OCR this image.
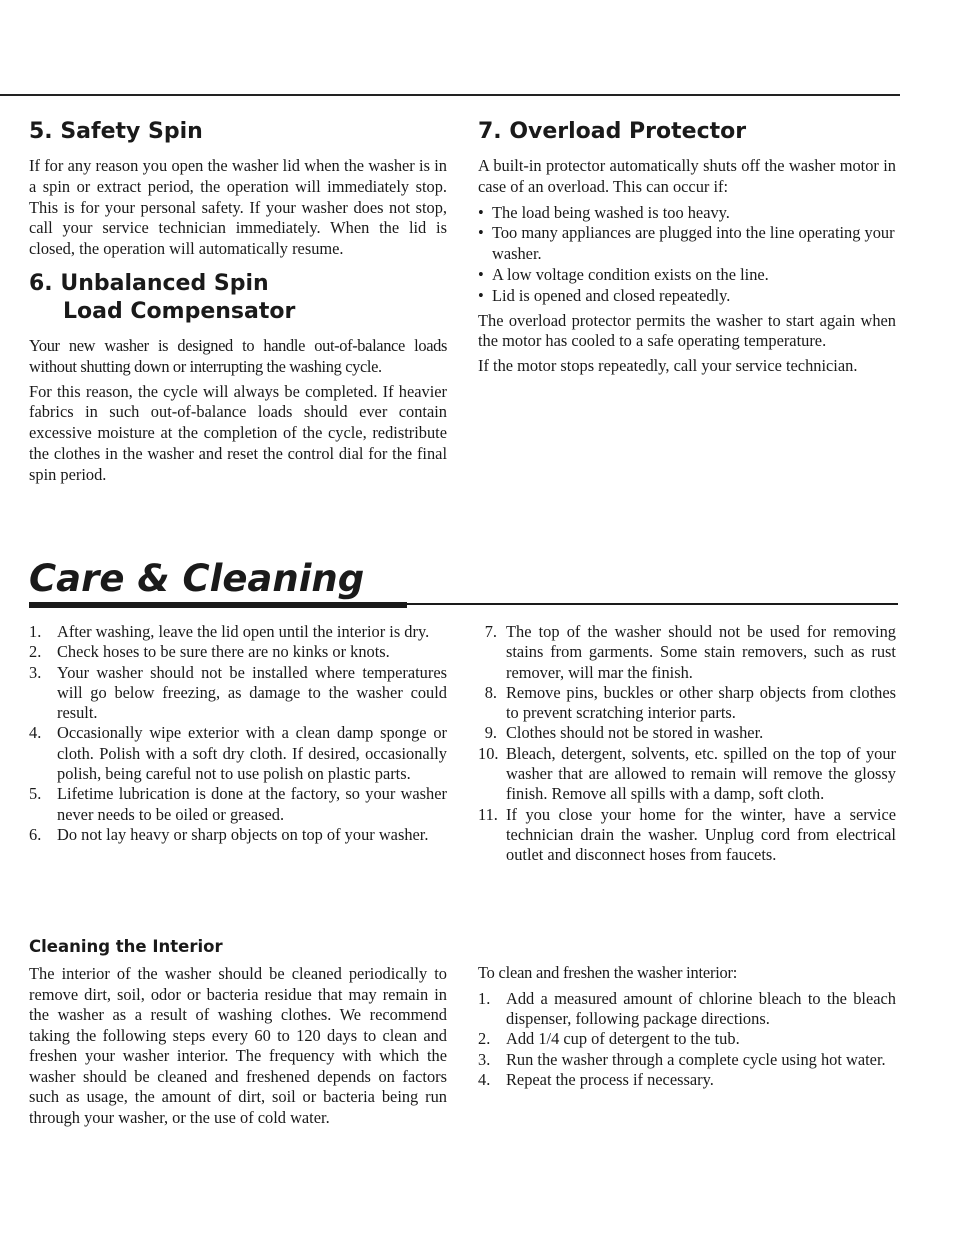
5. Safety Spin

If for any reason you open the washer lid when the washer is in a spin or extract period, the operation will immediately stop. This is for your personal safety. If your washer does not stop, call your service technician immediately. When the lid is closed, the operation will automatically resume.

6. Unbalanced Spin
Load Compensator

Your new washer is designed to handle out-of-balance loads without shutting down or interrupting the washing cycle.

For this reason, the cycle will always be completed. If heavier fabrics in such out-of-balance loads should ever contain excessive moisture at the completion of the cycle, redistribute the clothes in the washer and reset the control dial for the final spin period.

7. Overload Protector

A built-in protector automatically shuts off the washer motor in case of an overload. This can occur if:

• The load being washed is too heavy.
• Too many appliances are plugged into the line operating your washer.
• A low voltage condition exists on the line.
• Lid is opened and closed repeatedly.

The overload protector permits the washer to start again when the motor has cooled to a safe operating temperature.

If the motor stops repeatedly, call your service technician.

Care & Cleaning
1. After washing, leave the lid open until the interior is dry.
2. Check hoses to be sure there are no kinks or knots.
3. Your washer should not be installed where temperatures will go below freezing, as damage to the washer could result.
4. Occasionally wipe exterior with a clean damp sponge or cloth. Polish with a soft dry cloth. If desired, occasionally polish, being careful not to use polish on plastic parts.
5. Lifetime lubrication is done at the factory, so your washer never needs to be oiled or greased.
6. Do not lay heavy or sharp objects on top of your washer.
7. The top of the washer should not be used for removing stains from garments. Some stain removers, such as rust remover, will mar the finish.
8. Remove pins, buckles or other sharp objects from clothes to prevent scratching interior parts.
9. Clothes should not be stored in washer.
10. Bleach, detergent, solvents, etc. spilled on the top of your washer that are allowed to remain will remove the glossy finish. Remove all spills with a damp, soft cloth.
11. If you close your home for the winter, have a service technician drain the washer. Unplug cord from electrical outlet and disconnect hoses from faucets.
Cleaning the Interior

The interior of the washer should be cleaned periodically to remove dirt, soil, odor or bacteria residue that may remain in the washer as a result of washing clothes. We recommend taking the following steps every 60 to 120 days to clean and freshen your washer interior. The frequency with which the washer should be cleaned and freshened depends on factors such as usage, the amount of dirt, soil or bacteria being run through your washer, or the use of cold water.

To clean and freshen the washer interior:

1. Add a measured amount of chlorine bleach to the bleach dispenser, following package directions.
2. Add 1/4 cup of detergent to the tub.
3. Run the washer through a complete cycle using hot water.
4. Repeat the process if necessary.
